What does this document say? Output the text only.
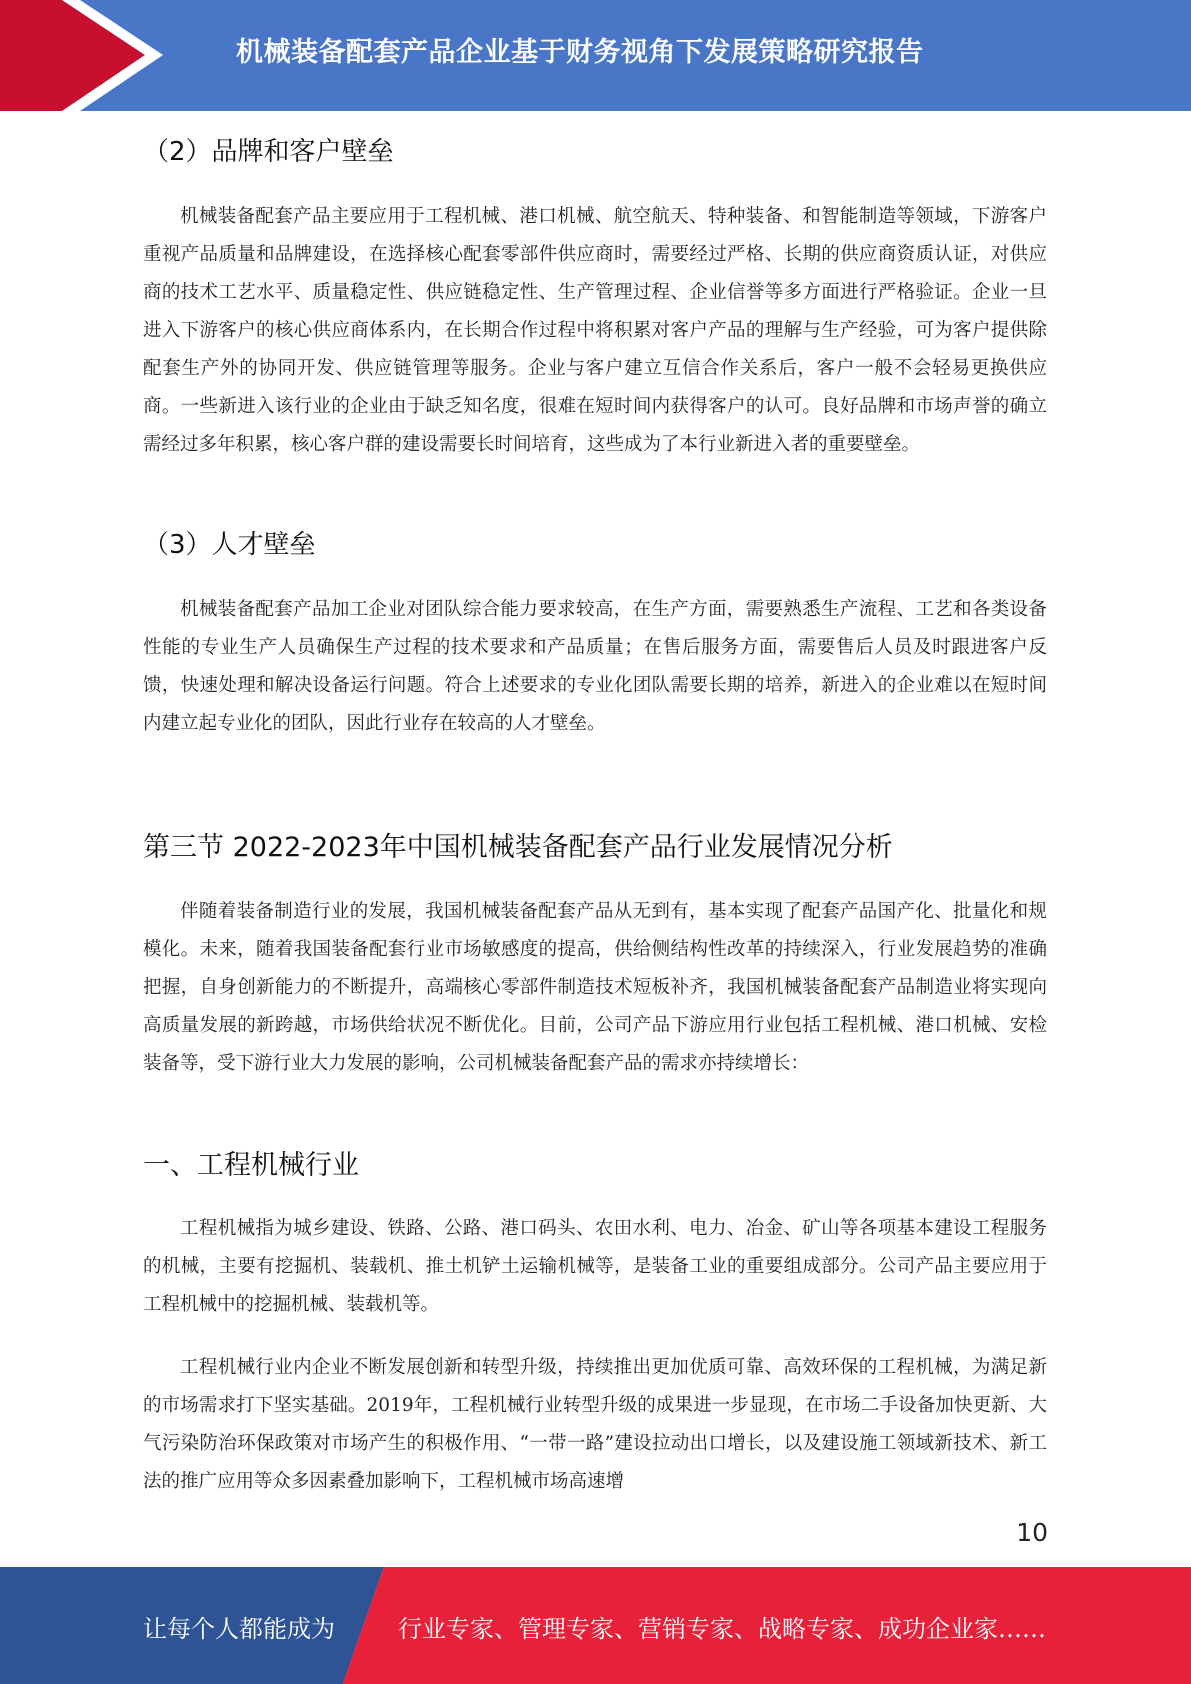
机械装备配套产品企业基于财务视角下发展策略研究报告
（2）品牌和客户壁垒

机械装备配套产品主要应用于工程机械、港口机械、航空航天、特种装备、和智能制造等领域，下游客户重视产品质量和品牌建设，在选择核心配套零部件供应商时，需要经过严格、长期的供应商资质认证，对供应商的技术工艺水平、质量稳定性、供应链稳定性、生产管理过程、企业信誉等多方面进行严格验证。企业一旦进入下游客户的核心供应商体系内，在长期合作过程中将积累对客户产品的理解与生产经验，可为客户提供除配套生产外的协同开发、供应链管理等服务。企业与客户建立互信合作关系后，客户一般不会轻易更换供应商。一些新进入该行业的企业由于缺乏知名度，很难在短时间内获得客户的认可。良好品牌和市场声誉的确立需经过多年积累，核心客户群的建设需要长时间培育，这些成为了本行业新进入者的重要壁垒。

（3）人才壁垒

机械装备配套产品加工企业对团队综合能力要求较高，在生产方面，需要熟悉生产流程、工艺和各类设备性能的专业生产人员确保生产过程的技术要求和产品质量；在售后服务方面，需要售后人员及时跟进客户反馈，快速处理和解决设备运行问题。符合上述要求的专业化团队需要长期的培养，新进入的企业难以在短时间内建立起专业化的团队，因此行业存在较高的人才壁垒。

第三节 2022-2023年中国机械装备配套产品行业发展情况分析

伴随着装备制造行业的发展，我国机械装备配套产品从无到有，基本实现了配套产品国产化、批量化和规模化。未来，随着我国装备配套行业市场敏感度的提高，供给侧结构性改革的持续深入，行业发展趋势的准确把握，自身创新能力的不断提升，高端核心零部件制造技术短板补齐，我国机械装备配套产品制造业将实现向高质量发展的新跨越，市场供给状况不断优化。目前，公司产品下游应用行业包括工程机械、港口机械、安检装备等，受下游行业大力发展的影响，公司机械装备配套产品的需求亦持续增长：

一、工程机械行业

工程机械指为城乡建设、铁路、公路、港口码头、农田水利、电力、冶金、矿山等各项基本建设工程服务的机械，主要有挖掘机、装载机、推土机铲土运输机械等，是装备工业的重要组成部分。公司产品主要应用于工程机械中的挖掘机械、装载机等。

工程机械行业内企业不断发展创新和转型升级，持续推出更加优质可靠、高效环保的工程机械，为满足新的市场需求打下坚实基础。2019年，工程机械行业转型升级的成果进一步显现，在市场二手设备加快更新、大气污染防治环保政策对市场产生的积极作用、“一带一路”建设拉动出口增长，以及建设施工领域新技术、新工法的推广应用等众多因素叠加影响下，工程机械市场高速增

10
让每个人都能成为	行业专家、管理专家、营销专家、战略专家、成功企业家……
